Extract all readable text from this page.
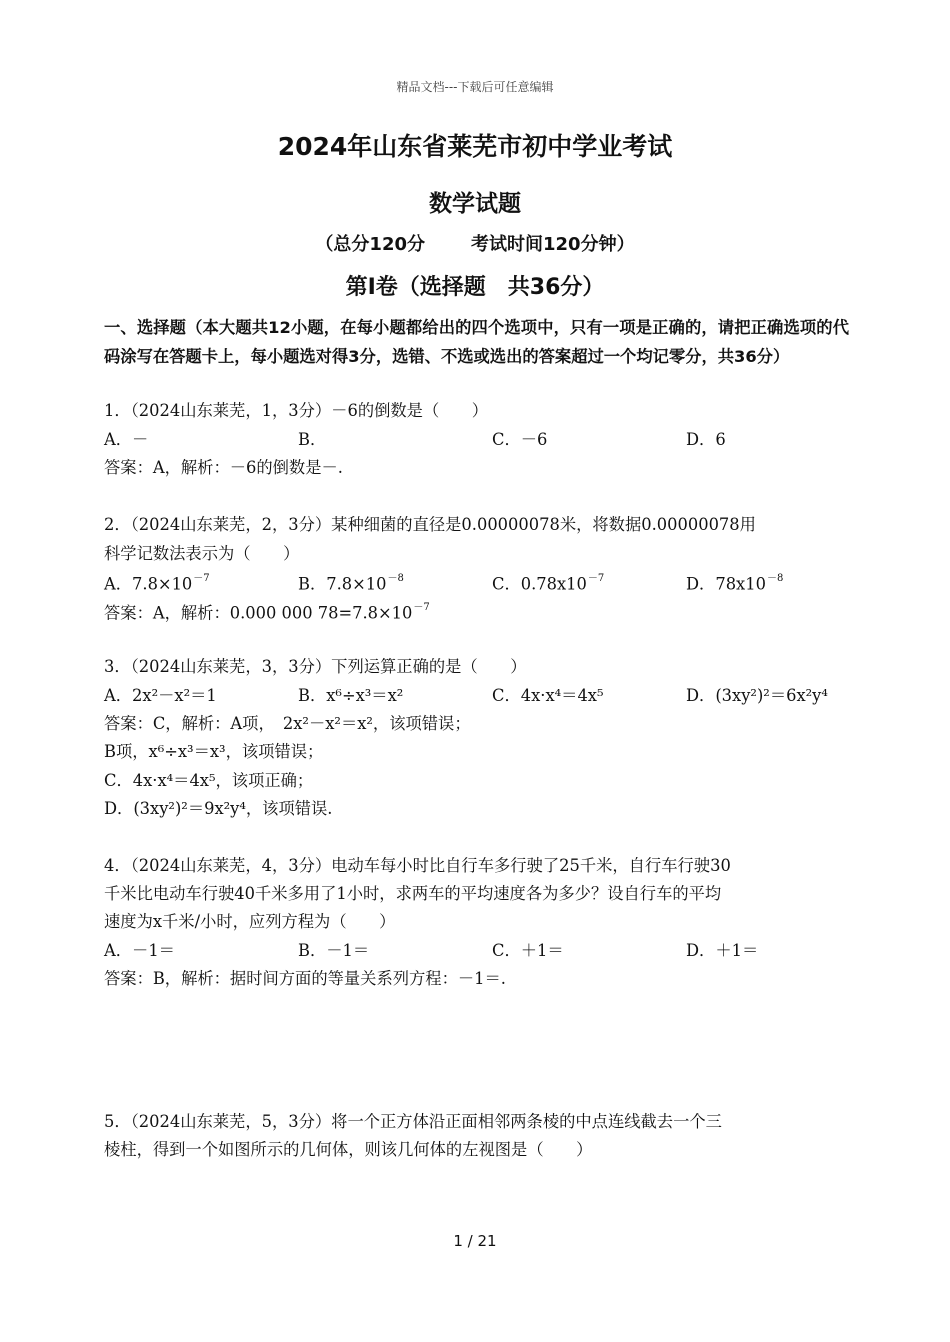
精品文档---下载后可任意编辑
2024年山东省莱芜市初中学业考试
数学试题
（总分120分	考试时间120分钟）
第Ⅰ卷（选择题　共36分）
一、选择题（本大题共12小题，在每小题都给出的四个选项中，只有一项是正确的，请把正确选项的代码涂写在答题卡上，每小题选对得3分，选错、不选或选出的答案超过一个均记零分，共36分）
1．（2024山东莱芜，1，3分）－6的倒数是（　　）
A．－	B．	C．－6	D．6
答案：A，解析：－6的倒数是－.
2．（2024山东莱芜，2，3分）某种细菌的直径是0.00000078米，将数据0.00000078用
科学记数法表示为（　　）
A．$7.8\times 10^{-7}$	B．$7.8\times 10^{-8}$	C．$0.78x10^{-7}$	D．$78x10^{-8}$
答案：A，解析：0.000 000 $78=7.8\times 10^{-7}$
3．（2024山东莱芜，3，3分）下列运算正确的是（　　）
A．2x²－x²＝1	B．x⁶÷x³＝x²	C．4x·x⁴＝4x⁵	D．(3xy²)²＝6x²y⁴
答案：C，解析：A项，　2x²－x²＝x²，该项错误；
B项，x⁶÷x³＝x³，该项错误；
C．4x·x⁴＝4x⁵，该项正确；
D．(3xy²)²＝9x²y⁴，该项错误.
4．（2024山东莱芜，4，3分）电动车每小时比自行车多行驶了25千米，自行车行驶30
千米比电动车行驶40千米多用了1小时，求两车的平均速度各为多少？设自行车的平均
速度为x千米/小时，应列方程为（　　）
A．－1＝	B．－1＝	C．＋1＝	D．＋1＝
答案：B，解析：据时间方面的等量关系列方程：－1＝.
5．（2024山东莱芜，5，3分）将一个正方体沿正面相邻两条棱的中点连线截去一个三
棱柱，得到一个如图所示的几何体，则该几何体的左视图是（　　）
1 / 21
